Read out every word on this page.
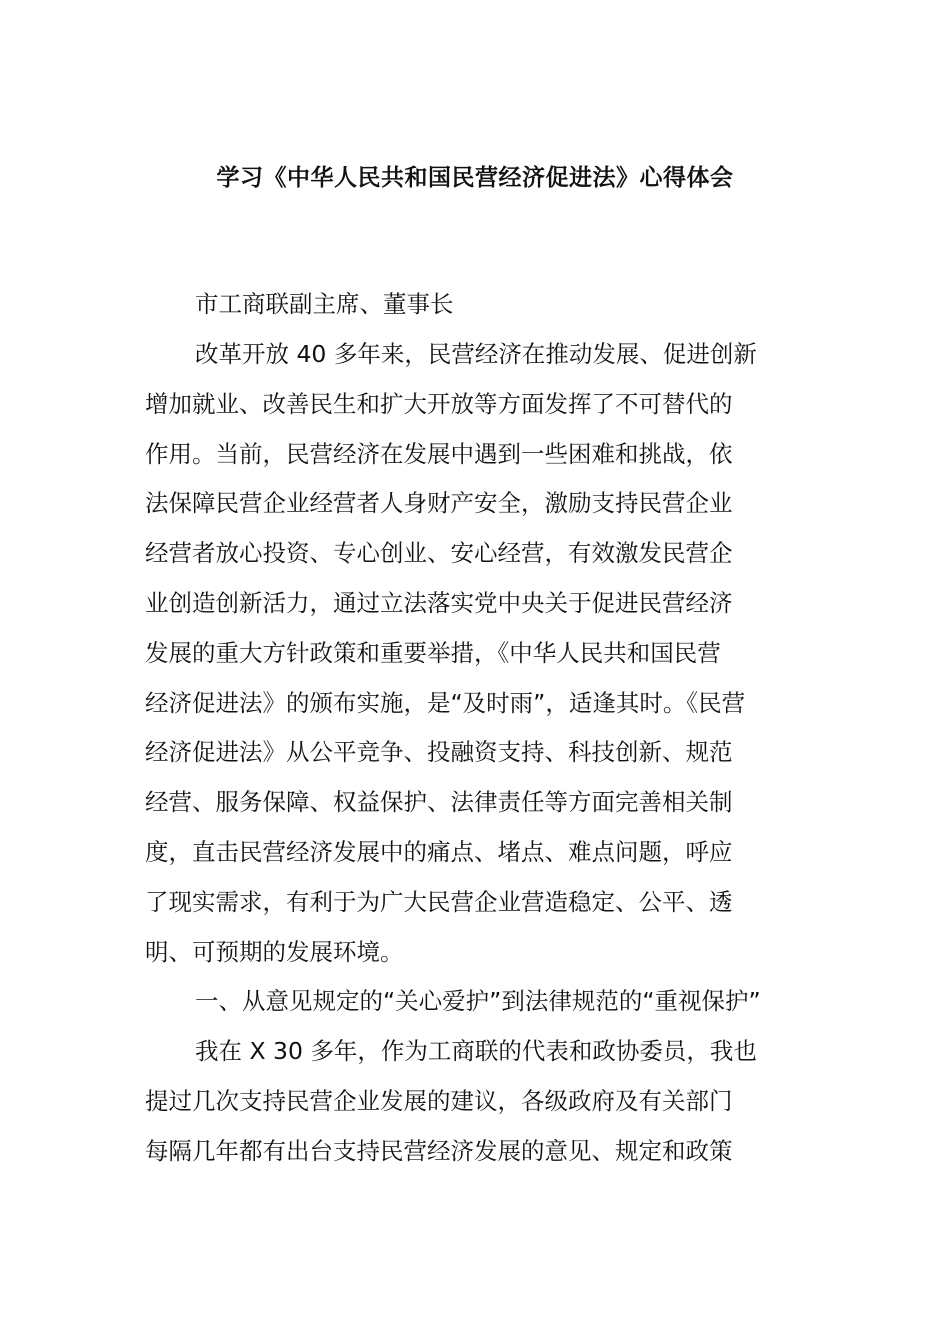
学习《中华人民共和国民营经济促进法》心得体会
市工商联副主席、董事长
改革开放 40 多年来，民营经济在推动发展、促进创新
增加就业、改善民生和扩大开放等方面发挥了不可替代的
作用。当前，民营经济在发展中遇到一些困难和挑战，依
法保障民营企业经营者人身财产安全，激励支持民营企业
经营者放心投资、专心创业、安心经营，有效激发民营企
业创造创新活力，通过立法落实党中央关于促进民营经济
发展的重大方针政策和重要举措，《中华人民共和国民营
经济促进法》的颁布实施，是“及时雨”，适逢其时。《民营
经济促进法》从公平竞争、投融资支持、科技创新、规范
经营、服务保障、权益保护、法律责任等方面完善相关制
度，直击民营经济发展中的痛点、堵点、难点问题，呼应
了现实需求，有利于为广大民营企业营造稳定、公平、透
明、可预期的发展环境。
一、从意见规定的“关心爱护”到法律规范的“重视保护”
我在 X 30 多年，作为工商联的代表和政协委员，我也
提过几次支持民营企业发展的建议，各级政府及有关部门
每隔几年都有出台支持民营经济发展的意见、规定和政策
